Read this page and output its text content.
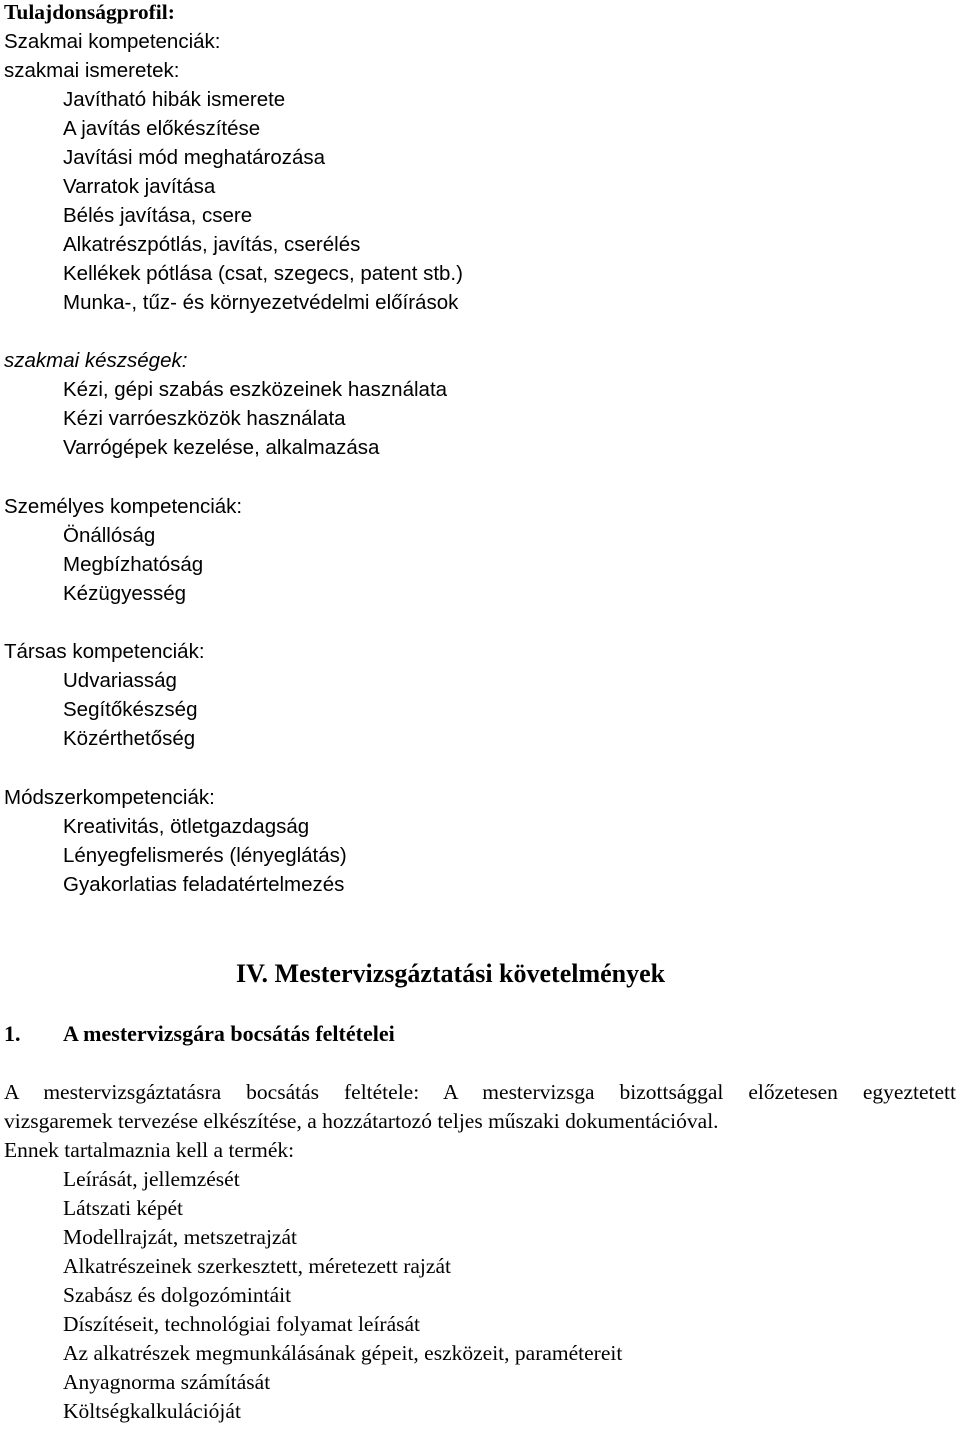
Tulajdonságprofil:
Szakmai kompetenciák:
szakmai ismeretek:
Javítható hibák ismerete
A javítás előkészítése
Javítási mód meghatározása
Varratok javítása
Bélés javítása, csere
Alkatrészpótlás, javítás, cserélés
Kellékek pótlása (csat, szegecs, patent stb.)
Munka-, tűz- és környezetvédelmi előírások
szakmai készségek:
Kézi, gépi szabás eszközeinek használata
Kézi varróeszközök használata
Varrógépek kezelése, alkalmazása
Személyes kompetenciák:
Önállóság
Megbízhatóság
Kézügyesség
Társas kompetenciák:
Udvariasság
Segítőkészség
Közérthetőség
Módszerkompetenciák:
Kreativitás, ötletgazdagság
Lényegfelismerés (lényeglátás)
Gyakorlatias feladatértelmezés
IV. Mestervizsgáztatási követelmények
1. A mestervizsgára bocsátás feltételei
A mestervizsgáztatásra bocsátás feltétele: A mestervizsga bizottsággal előzetesen egyeztetett
vizsgaremek tervezése elkészítése, a hozzátartozó teljes műszaki dokumentációval.
Ennek tartalmaznia kell a termék:
Leírását, jellemzését
Látszati képét
Modellrajzát, metszetrajzát
Alkatrészeinek szerkesztett, méretezett rajzát
Szabász és dolgozómintáit
Díszítéseit, technológiai folyamat leírását
Az alkatrészek megmunkálásának gépeit, eszközeit, paramétereit
Anyagnorma számítását
Költségkalkulációját
